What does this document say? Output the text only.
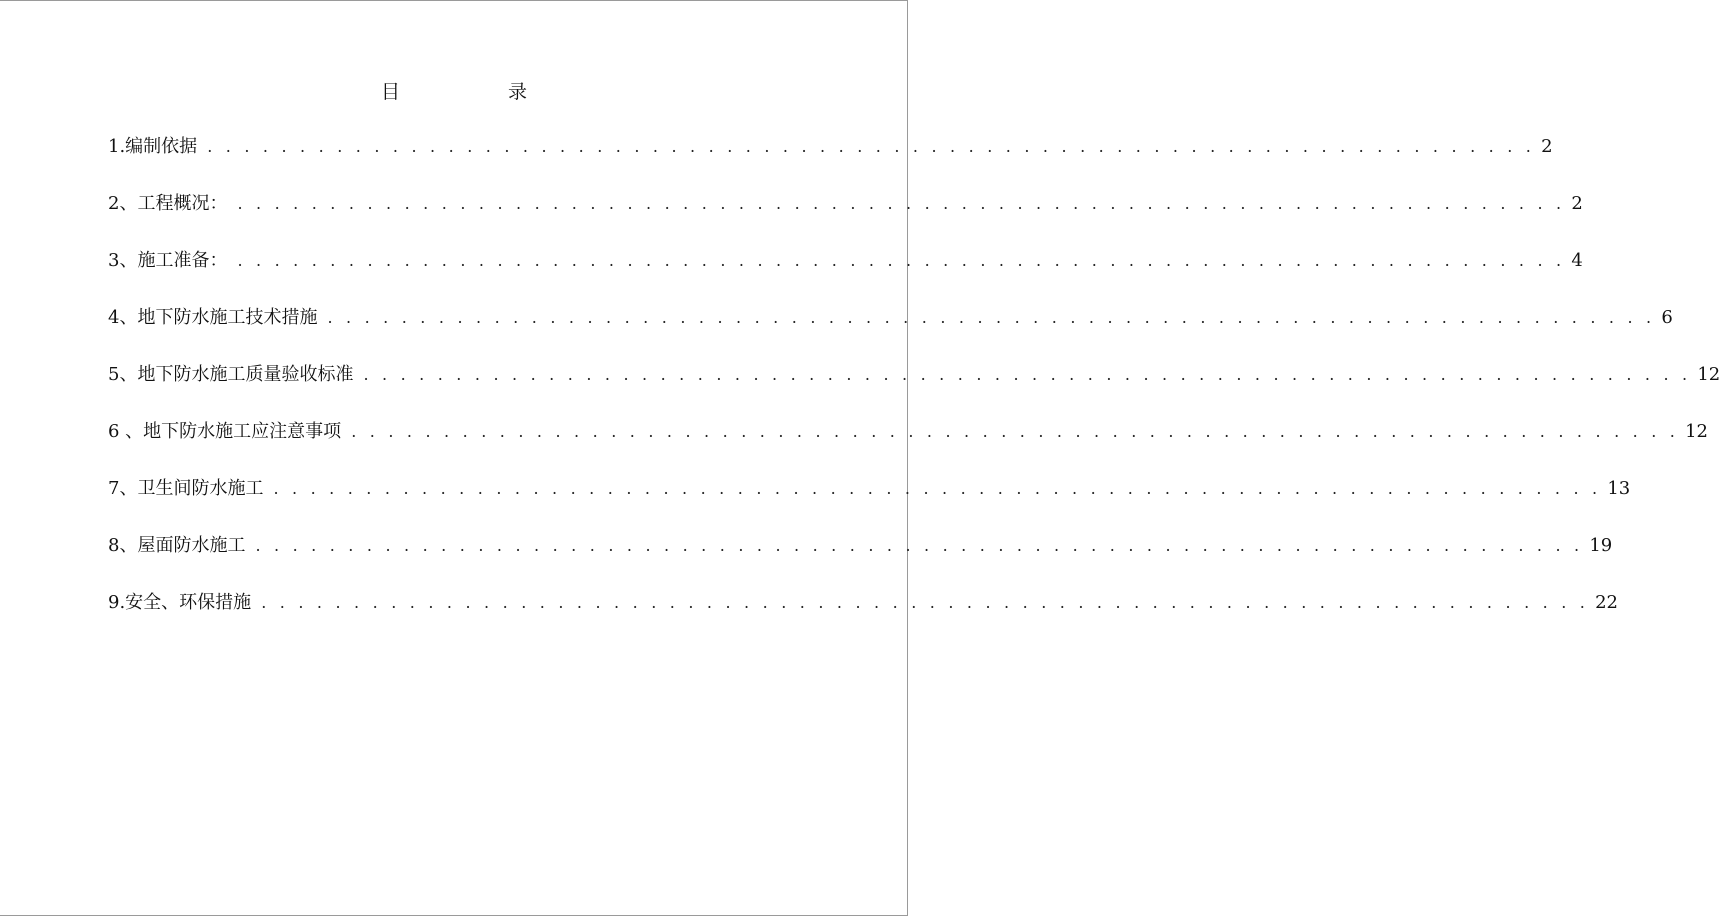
目	录
1.编制依据 . . . . . . . . . . . . . . . . . . . . . . . . . . . . . . . . . . . . . . . . . . . . . . . . . . . . . . . . . . . . . . . . . . . . . . . . 2
2、工程概况： . . . . . . . . . . . . . . . . . . . . . . . . . . . . . . . . . . . . . . . . . . . . . . . . . . . . . . . . . . . . . . . . . . . . . . . . 2
3、施工准备： . . . . . . . . . . . . . . . . . . . . . . . . . . . . . . . . . . . . . . . . . . . . . . . . . . . . . . . . . . . . . . . . . . . . . . . . 4
4、地下防水施工技术措施 . . . . . . . . . . . . . . . . . . . . . . . . . . . . . . . . . . . . . . . . . . . . . . . . . . . . . . . . . . . . . . . . . . . . . . . . 6
5、地下防水施工质量验收标准 . . . . . . . . . . . . . . . . . . . . . . . . . . . . . . . . . . . . . . . . . . . . . . . . . . . . . . . . . . . . . . . . . . . . . . . . 12
6 、地下防水施工应注意事项 . . . . . . . . . . . . . . . . . . . . . . . . . . . . . . . . . . . . . . . . . . . . . . . . . . . . . . . . . . . . . . . . . . . . . . . . 12
7、卫生间防水施工 . . . . . . . . . . . . . . . . . . . . . . . . . . . . . . . . . . . . . . . . . . . . . . . . . . . . . . . . . . . . . . . . . . . . . . . . 13
8、屋面防水施工 . . . . . . . . . . . . . . . . . . . . . . . . . . . . . . . . . . . . . . . . . . . . . . . . . . . . . . . . . . . . . . . . . . . . . . . . 19
9.安全、环保措施 . . . . . . . . . . . . . . . . . . . . . . . . . . . . . . . . . . . . . . . . . . . . . . . . . . . . . . . . . . . . . . . . . . . . . . . . 22
